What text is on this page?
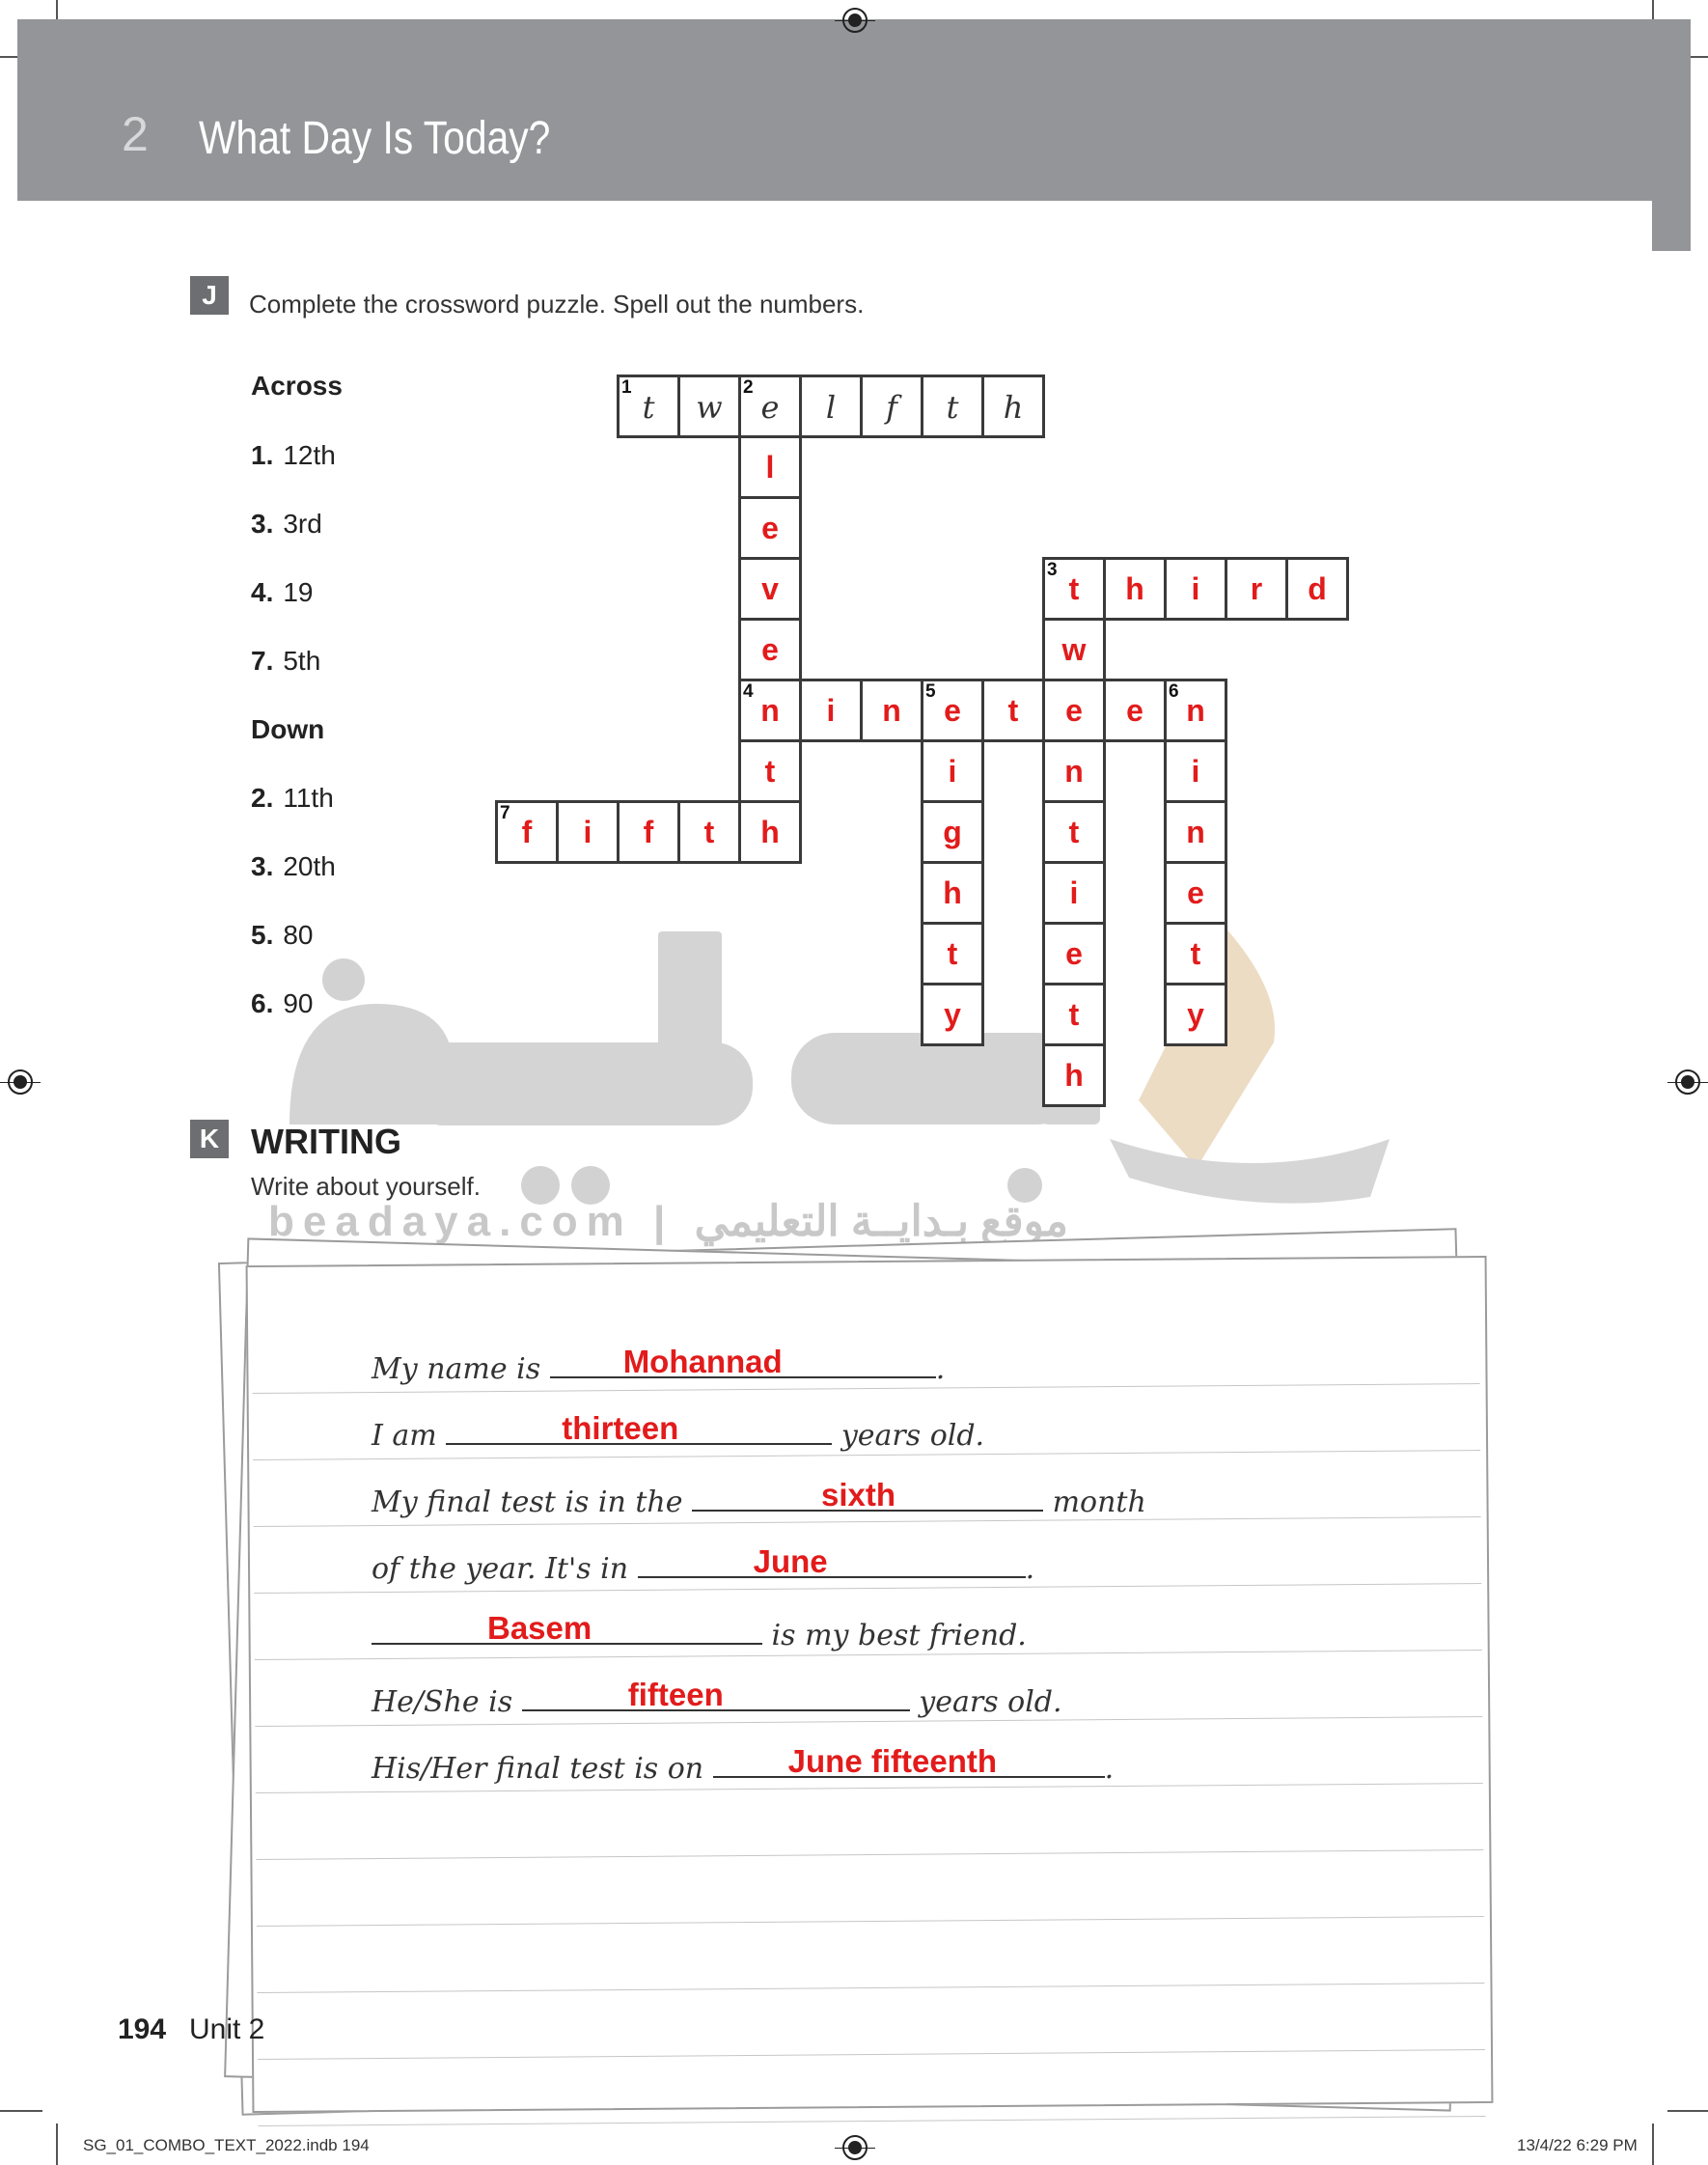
2 What Day Is Today?
beadaya.com | موقع بـدايــة التعليمي
J	Complete the crossword puzzle. Spell out the numbers.
Across
1. 12th
3. 3rd
4. 19
7. 5th
Down
2. 11th
3. 20th
5. 80
6. 90
1
t	w
2
e	l	f	t	h
l
e
v
3
t	h	i	r	d
e	w
4
n	i	n
5
e	t	e	e
6
n
t	i	n	i
7
f	i	f	t	h	g	t	n
h	i	e
t	e	t
y	t	y
h
K WRITING
Write about yourself.
My name is	Mohannad	.
I am	thirteen	years old.
My final test is in the	sixth	month
of the year. It's in	June	.
Basem	is my best friend.
He/She is	fifteen	years old.
His/Her final test is on	June fifteenth	.
194 Unit 2
SG_01_COMBO_TEXT_2022.indb 194	13/4/22 6:29 PM
